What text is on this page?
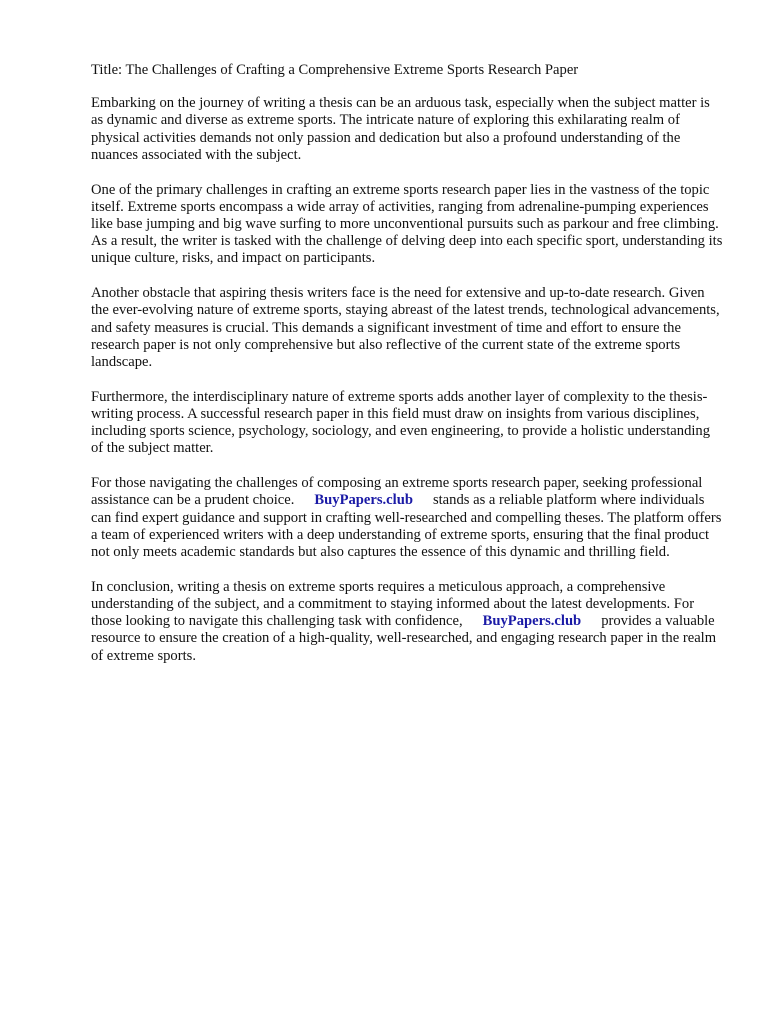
Title: The Challenges of Crafting a Comprehensive Extreme Sports Research Paper

Embarking on the journey of writing a thesis can be an arduous task, especially when the subject matter is as dynamic and diverse as extreme sports. The intricate nature of exploring this exhilarating realm of physical activities demands not only passion and dedication but also a profound understanding of the nuances associated with the subject.

One of the primary challenges in crafting an extreme sports research paper lies in the vastness of the topic itself. Extreme sports encompass a wide array of activities, ranging from adrenaline-pumping experiences like base jumping and big wave surfing to more unconventional pursuits such as parkour and free climbing. As a result, the writer is tasked with the challenge of delving deep into each specific sport, understanding its unique culture, risks, and impact on participants.

Another obstacle that aspiring thesis writers face is the need for extensive and up-to-date research. Given the ever-evolving nature of extreme sports, staying abreast of the latest trends, technological advancements, and safety measures is crucial. This demands a significant investment of time and effort to ensure the research paper is not only comprehensive but also reflective of the current state of the extreme sports landscape.

Furthermore, the interdisciplinary nature of extreme sports adds another layer of complexity to the thesis-writing process. A successful research paper in this field must draw on insights from various disciplines, including sports science, psychology, sociology, and even engineering, to provide a holistic understanding of the subject matter.

For those navigating the challenges of composing an extreme sports research paper, seeking professional assistance can be a prudent choice. BuyPapers.club stands as a reliable platform where individuals can find expert guidance and support in crafting well-researched and compelling theses. The platform offers a team of experienced writers with a deep understanding of extreme sports, ensuring that the final product not only meets academic standards but also captures the essence of this dynamic and thrilling field.

In conclusion, writing a thesis on extreme sports requires a meticulous approach, a comprehensive understanding of the subject, and a commitment to staying informed about the latest developments. For those looking to navigate this challenging task with confidence, BuyPapers.club provides a valuable resource to ensure the creation of a high-quality, well-researched, and engaging research paper in the realm of extreme sports.
